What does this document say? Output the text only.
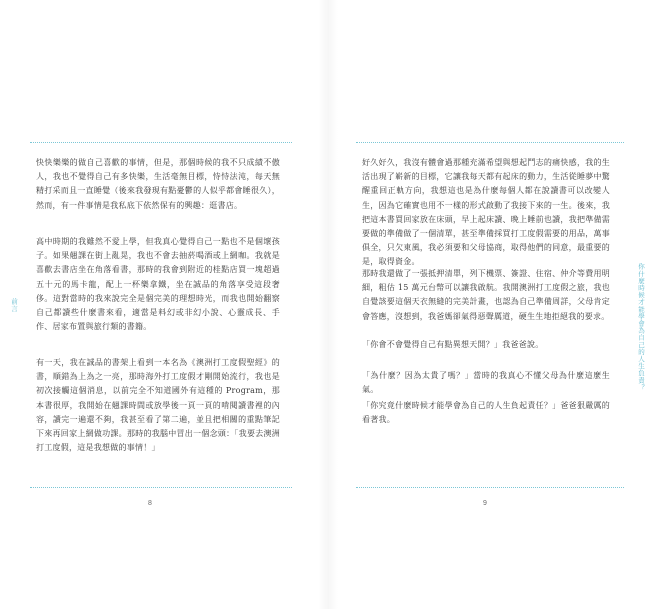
前言	你什麼時候才能學會為自己的人生負責？

快快樂樂的做自己喜歡的事情，但是，那個時候的我不只成績不傲人，我也不覺得自己有多快樂，生活毫無目標，恃恃法沌，每天無精打采而且一直睡覺（後來我發現有點憂鬱的人似乎都會睡很久），然而，有一件事情是我私底下依然保有的興趣：逛書店。

高中時期的我雖然不愛上學，但我真心覺得自己一點也不是個壞孩子。如果翹課在街上亂晃，我也不會去抽菸喝酒或上網咖。我就是喜歡去書店坐在角落看書，那時的我會到附近的桂點店買一塊超過五十元的馬卡龍，配上一杯樂拿鐵，坐在誠品的角落享受這段奢侈。這對當時的我來說完全是個完美的理想時光，而我也開始翻察自己都讀些什麼書來看，適當是料幻或非幻小說、心靈成長、手作、居家布置與旅行類的書籍。

有一天，我在誠品的書架上看到一本名為《澳洲打工度假聖經》的書，順錯為上為之一亮，那時海外打工度假才剛開始流行，我也是初次接觸這個消息，以前完全不知道國外有這種的 Program，那本書很厚，我開始在翹課時間或放學後一頁一頁的啃閱讀書裡的內容，讀完一遍還不夠，我甚至看了第二遍，並且把相關的重點筆記下來再回家上網做功課。那時的我腦中冒出一個念頭：「我要去澳洲打工度假，這是我想做的事情！」

好久好久，我沒有體會過那種充滿希望與想起鬥志的痛快感，我的生活出現了嶄新的目標，它讓我每天都有起床的動力，生活從睡夢中驚醒重回正軌方向，我想這也是為什麼每個人都在說讀書可以改變人生，因為它確實也用不一樣的形式啟動了我接下來的一生。後來，我把這本書買回家放在床頭，早上起床讀、晚上睡前也讀，我把準備需要做的準備做了一個清單，甚至準備採買打工度假需要的用品，萬事俱全，只欠東風，我必須要和父母協商，取得他們的同意，最重要的是，取得資金。

那時我還做了一張抵押清單，列下機票、簽證、住宿、仲介等費用明細，粗估 15 萬元台幣可以讓我啟航。我開澳洲打工度假之旅，我也自覺該要這個天衣無縫的完美計畫，也認為自己準備周詳，父母肯定會答應，沒想到，我爸媽卻氣得惡聲厲道，硬生生地拒絕我的要求。

「你會不會覺得自己有點異想天開？」我爸爸說。

「為什麼？因為太貴了嗎？」當時的我真心不懂父母為什麼這麼生氣。

「你究竟什麼時候才能學會為自己的人生負起責任？」爸爸狠嚴厲的看著我。

8	9
